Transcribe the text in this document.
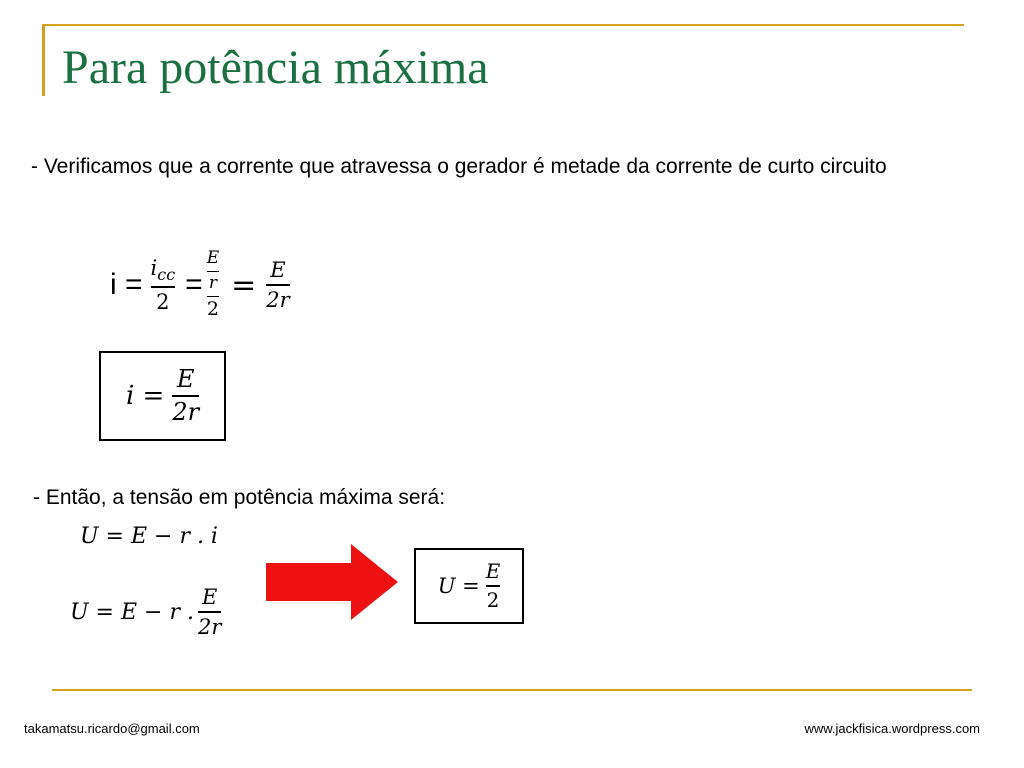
Para potência máxima
- Verificamos que a corrente que atravessa o gerador é metade da corrente de curto circuito
$i = \frac{i_{cc}}{2} = \frac{\frac{E}{r}}{2} = \frac{E}{2r}$
$i = \frac{E}{2r}$
- Então, a tensão em potência máxima será:
U = E − r . i
U = E − r . $\frac{E}{2r}$	$U = \frac{E}{2}$
takamatsu.ricardo@gmail.com	www.jackfisica.wordpress.com
